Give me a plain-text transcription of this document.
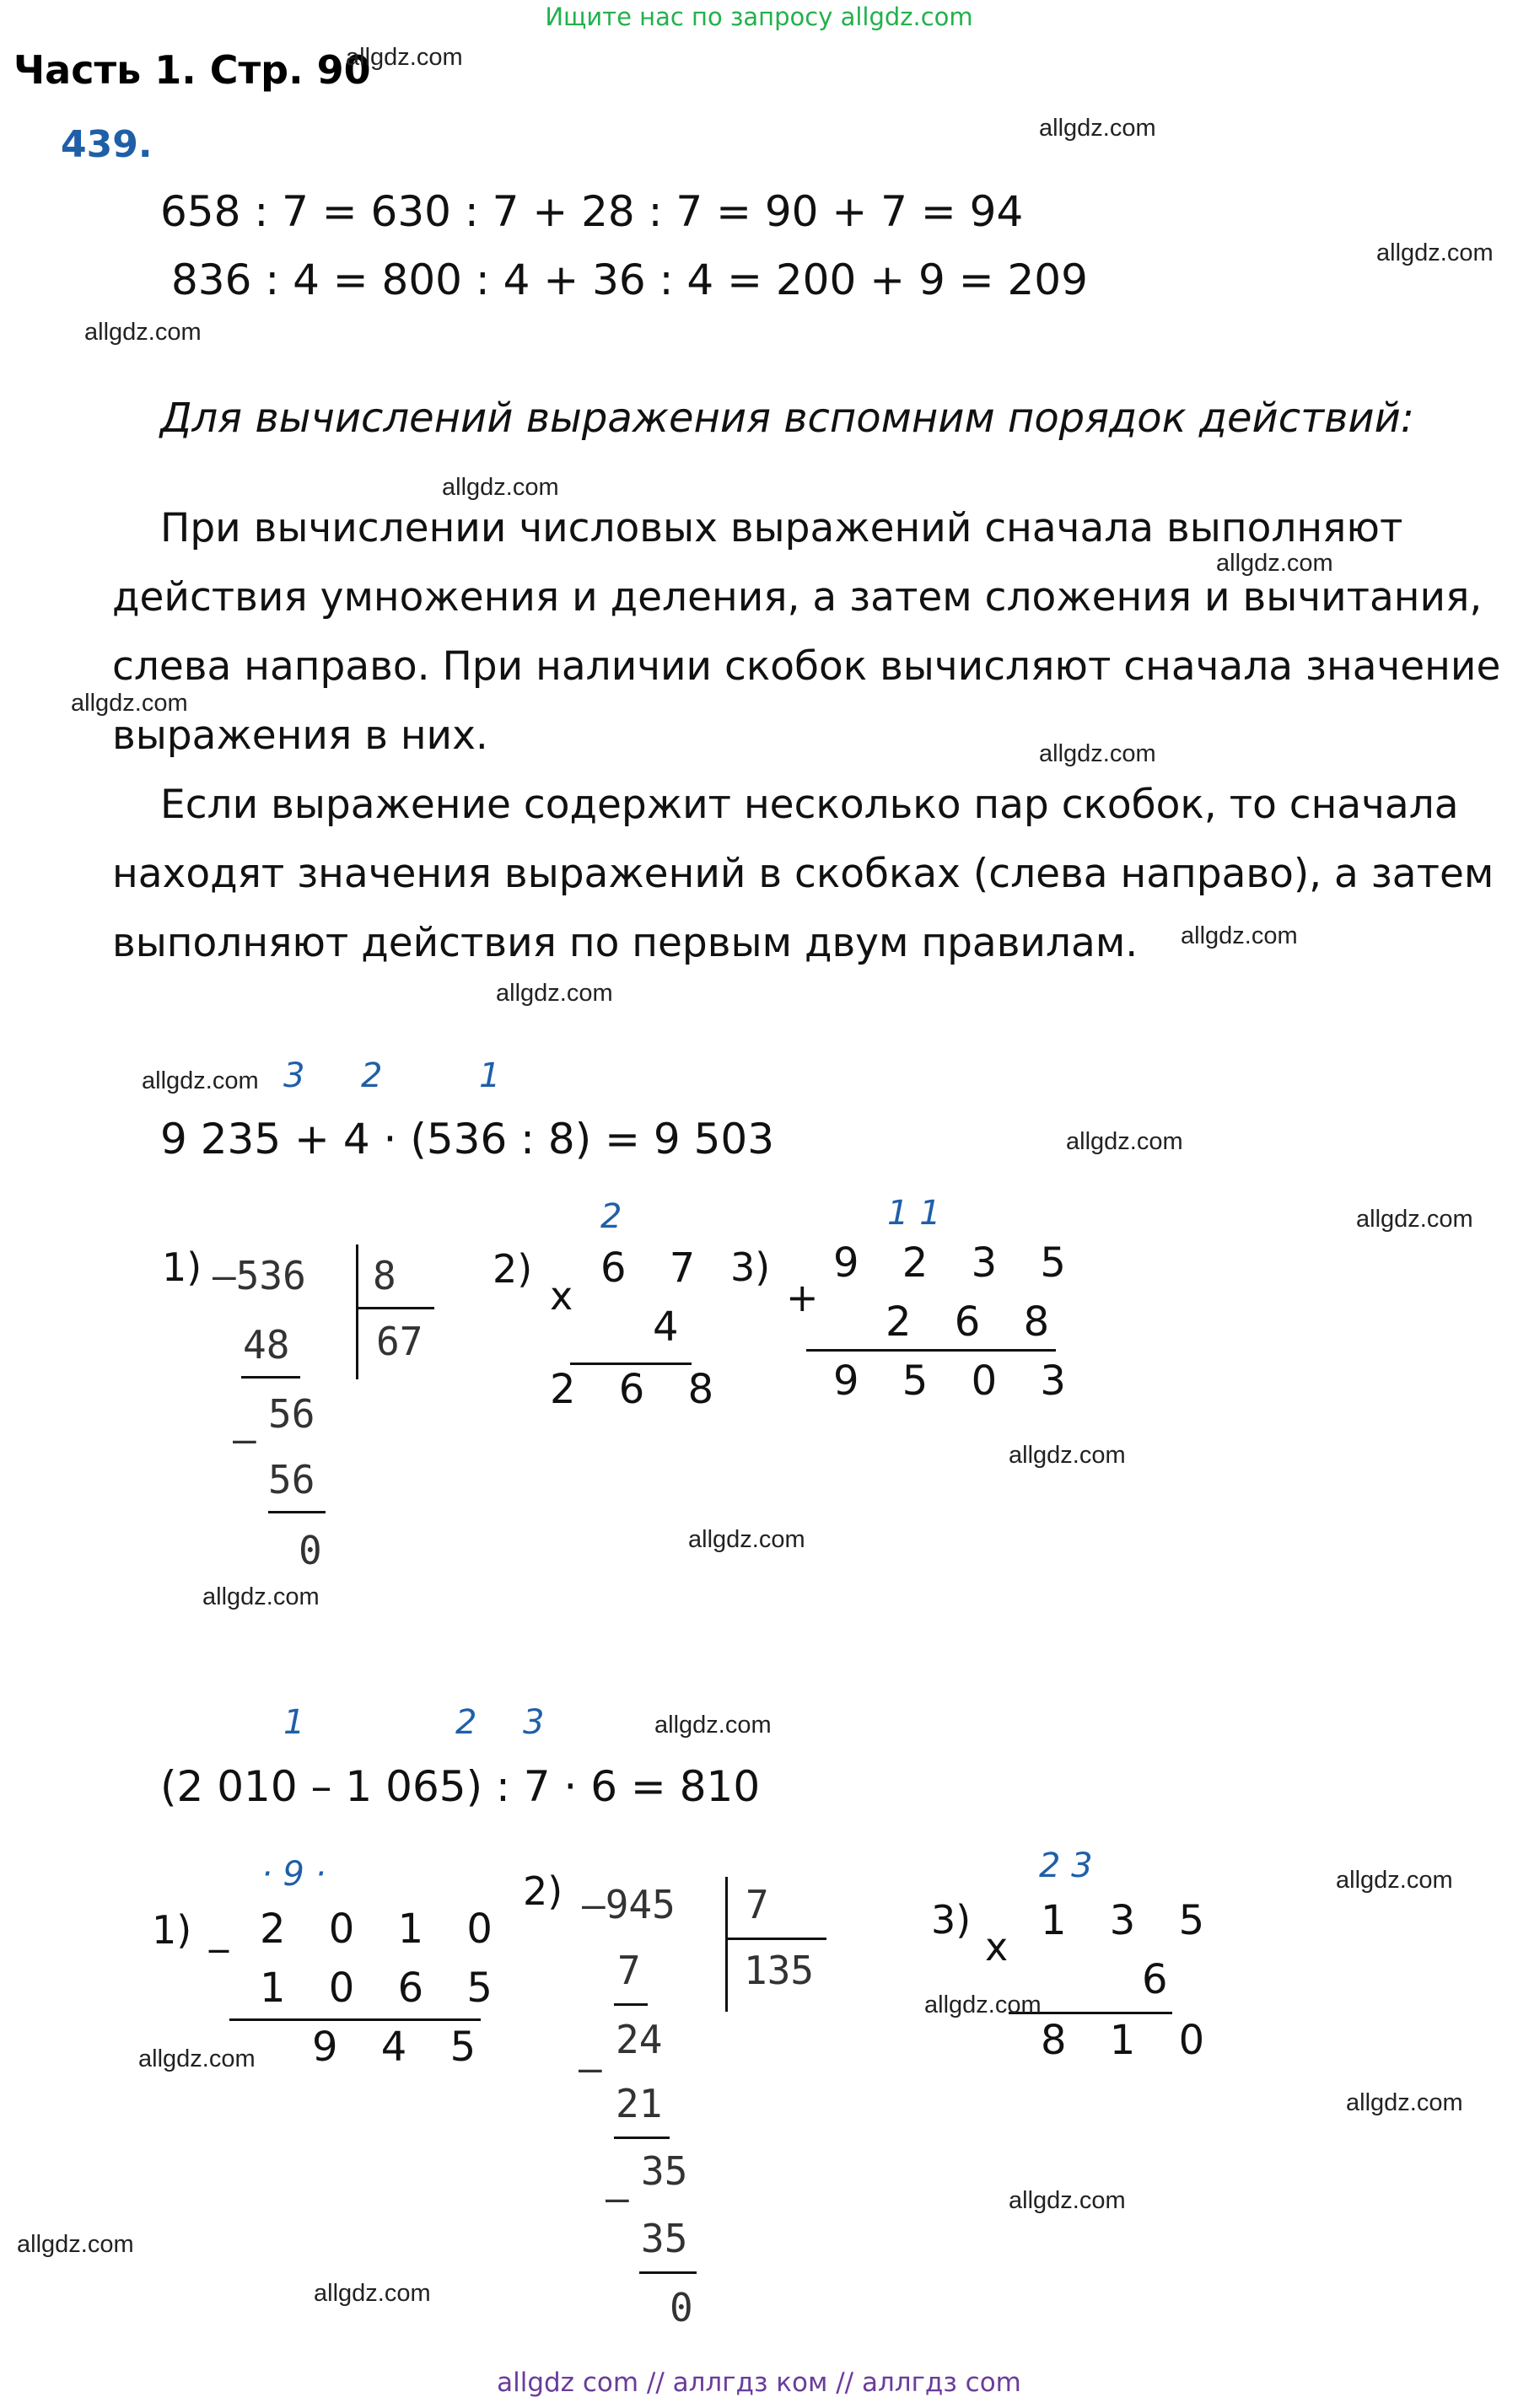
Ищите нас по запросу allgdz.com
Часть 1. Стр. 90
439.
658 : 7 = 630 : 7 + 28 : 7 = 90 + 7 = 94
836 : 4 = 800 : 4 + 36 : 4 = 200 + 9 = 209
Для вычислений выражения вспомним порядок действий:
При вычислении числовых выражений сначала выполняют
действия умножения и деления, а затем сложения и вычитания,
слева направо. При наличии скобок вычисляют сначала значение
выражения в них.
Если выражение содержит несколько пар скобок, то сначала
находят значения выражений в скобках (слева направо), а затем
выполняют действия по первым двум правилам.
3 2	1
9 235 + 4 · (536 : 8) = 9 503
1) –536 8
67
48
56
–
56
0
2)
2
x
6 7
4
2 6 8
3)
1 1
+
9 2 3 5
2 6 8
9 5 0 3
1	2 3
(2 010 – 1 065) : 7 · 6 = 810
1)
· 9 ·
_ 2 0 1 0
1 0 6 5
9 4 5
2) –945 7
135
7
24
–
21
35
–
35
0
3)
2 3
x
1 3 5
6
8 1 0
allgdz.com
allgdz.com
allgdz.com
allgdz.com
allgdz.com
allgdz.com
allgdz.com
allgdz.com
allgdz.com
allgdz.com
allgdz.com
allgdz.com
allgdz.com
allgdz.com
allgdz.com
allgdz.com
allgdz.com
allgdz.com
allgdz.com
allgdz.com
allgdz.com
allgdz.com
allgdz.com
allgdz.com
allgdz com // аллгдз ком // аллгдз com
